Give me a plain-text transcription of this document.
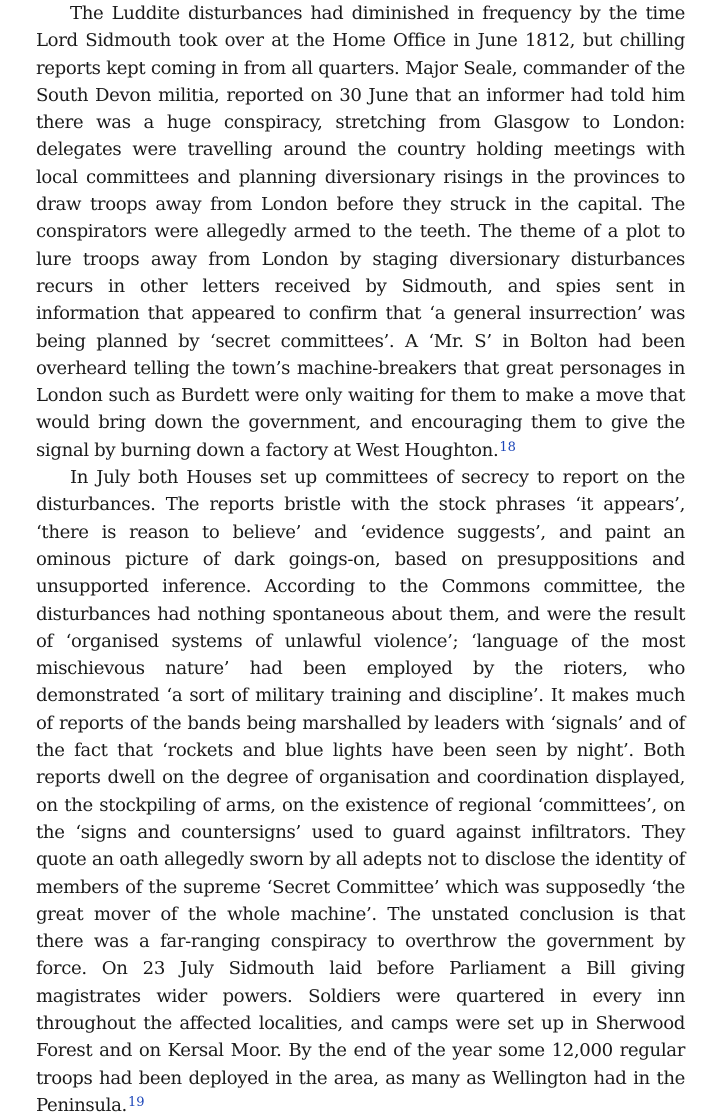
The Luddite disturbances had diminished in frequency by the time Lord Sidmouth took over at the Home Office in June 1812, but chilling reports kept coming in from all quarters. Major Seale, commander of the South Devon militia, reported on 30 June that an informer had told him there was a huge conspiracy, stretching from Glasgow to London: delegates were travelling around the country holding meetings with local committees and planning diversionary risings in the provinces to draw troops away from London before they struck in the capital. The conspirators were allegedly armed to the teeth. The theme of a plot to lure troops away from London by staging diversionary disturbances recurs in other letters received by Sidmouth, and spies sent in information that appeared to confirm that ‘a general insurrection’ was being planned by ‘secret committees’. A ‘Mr. S’ in Bolton had been overheard telling the town’s machine-breakers that great personages in London such as Burdett were only waiting for them to make a move that would bring down the government, and encouraging them to give the signal by burning down a factory at West Houghton.$^{18}$

In July both Houses set up committees of secrecy to report on the disturbances. The reports bristle with the stock phrases ‘it appears’, ‘there is reason to believe’ and ‘evidence suggests’, and paint an ominous picture of dark goings-on, based on presuppositions and unsupported inference. According to the Commons committee, the disturbances had nothing spontaneous about them, and were the result of ‘organised systems of unlawful violence’; ‘language of the most mischievous nature’ had been employed by the rioters, who demonstrated ‘a sort of military training and discipline’. It makes much of reports of the bands being marshalled by leaders with ‘signals’ and of the fact that ‘rockets and blue lights have been seen by night’. Both reports dwell on the degree of organisation and coordination displayed, on the stockpiling of arms, on the existence of regional ‘committees’, on the ‘signs and countersigns’ used to guard against infiltrators. They quote an oath allegedly sworn by all adepts not to disclose the identity of members of the supreme ‘Secret Committee’ which was supposedly ‘the great mover of the whole machine’. The unstated conclusion is that there was a far-ranging conspiracy to overthrow the government by force. On 23 July Sidmouth laid before Parliament a Bill giving magistrates wider powers. Soldiers were quartered in every inn throughout the affected localities, and camps were set up in Sherwood Forest and on Kersal Moor. By the end of the year some 12,000 regular troops had been deployed in the area, as many as Wellington had in the Peninsula.$^{19}$
